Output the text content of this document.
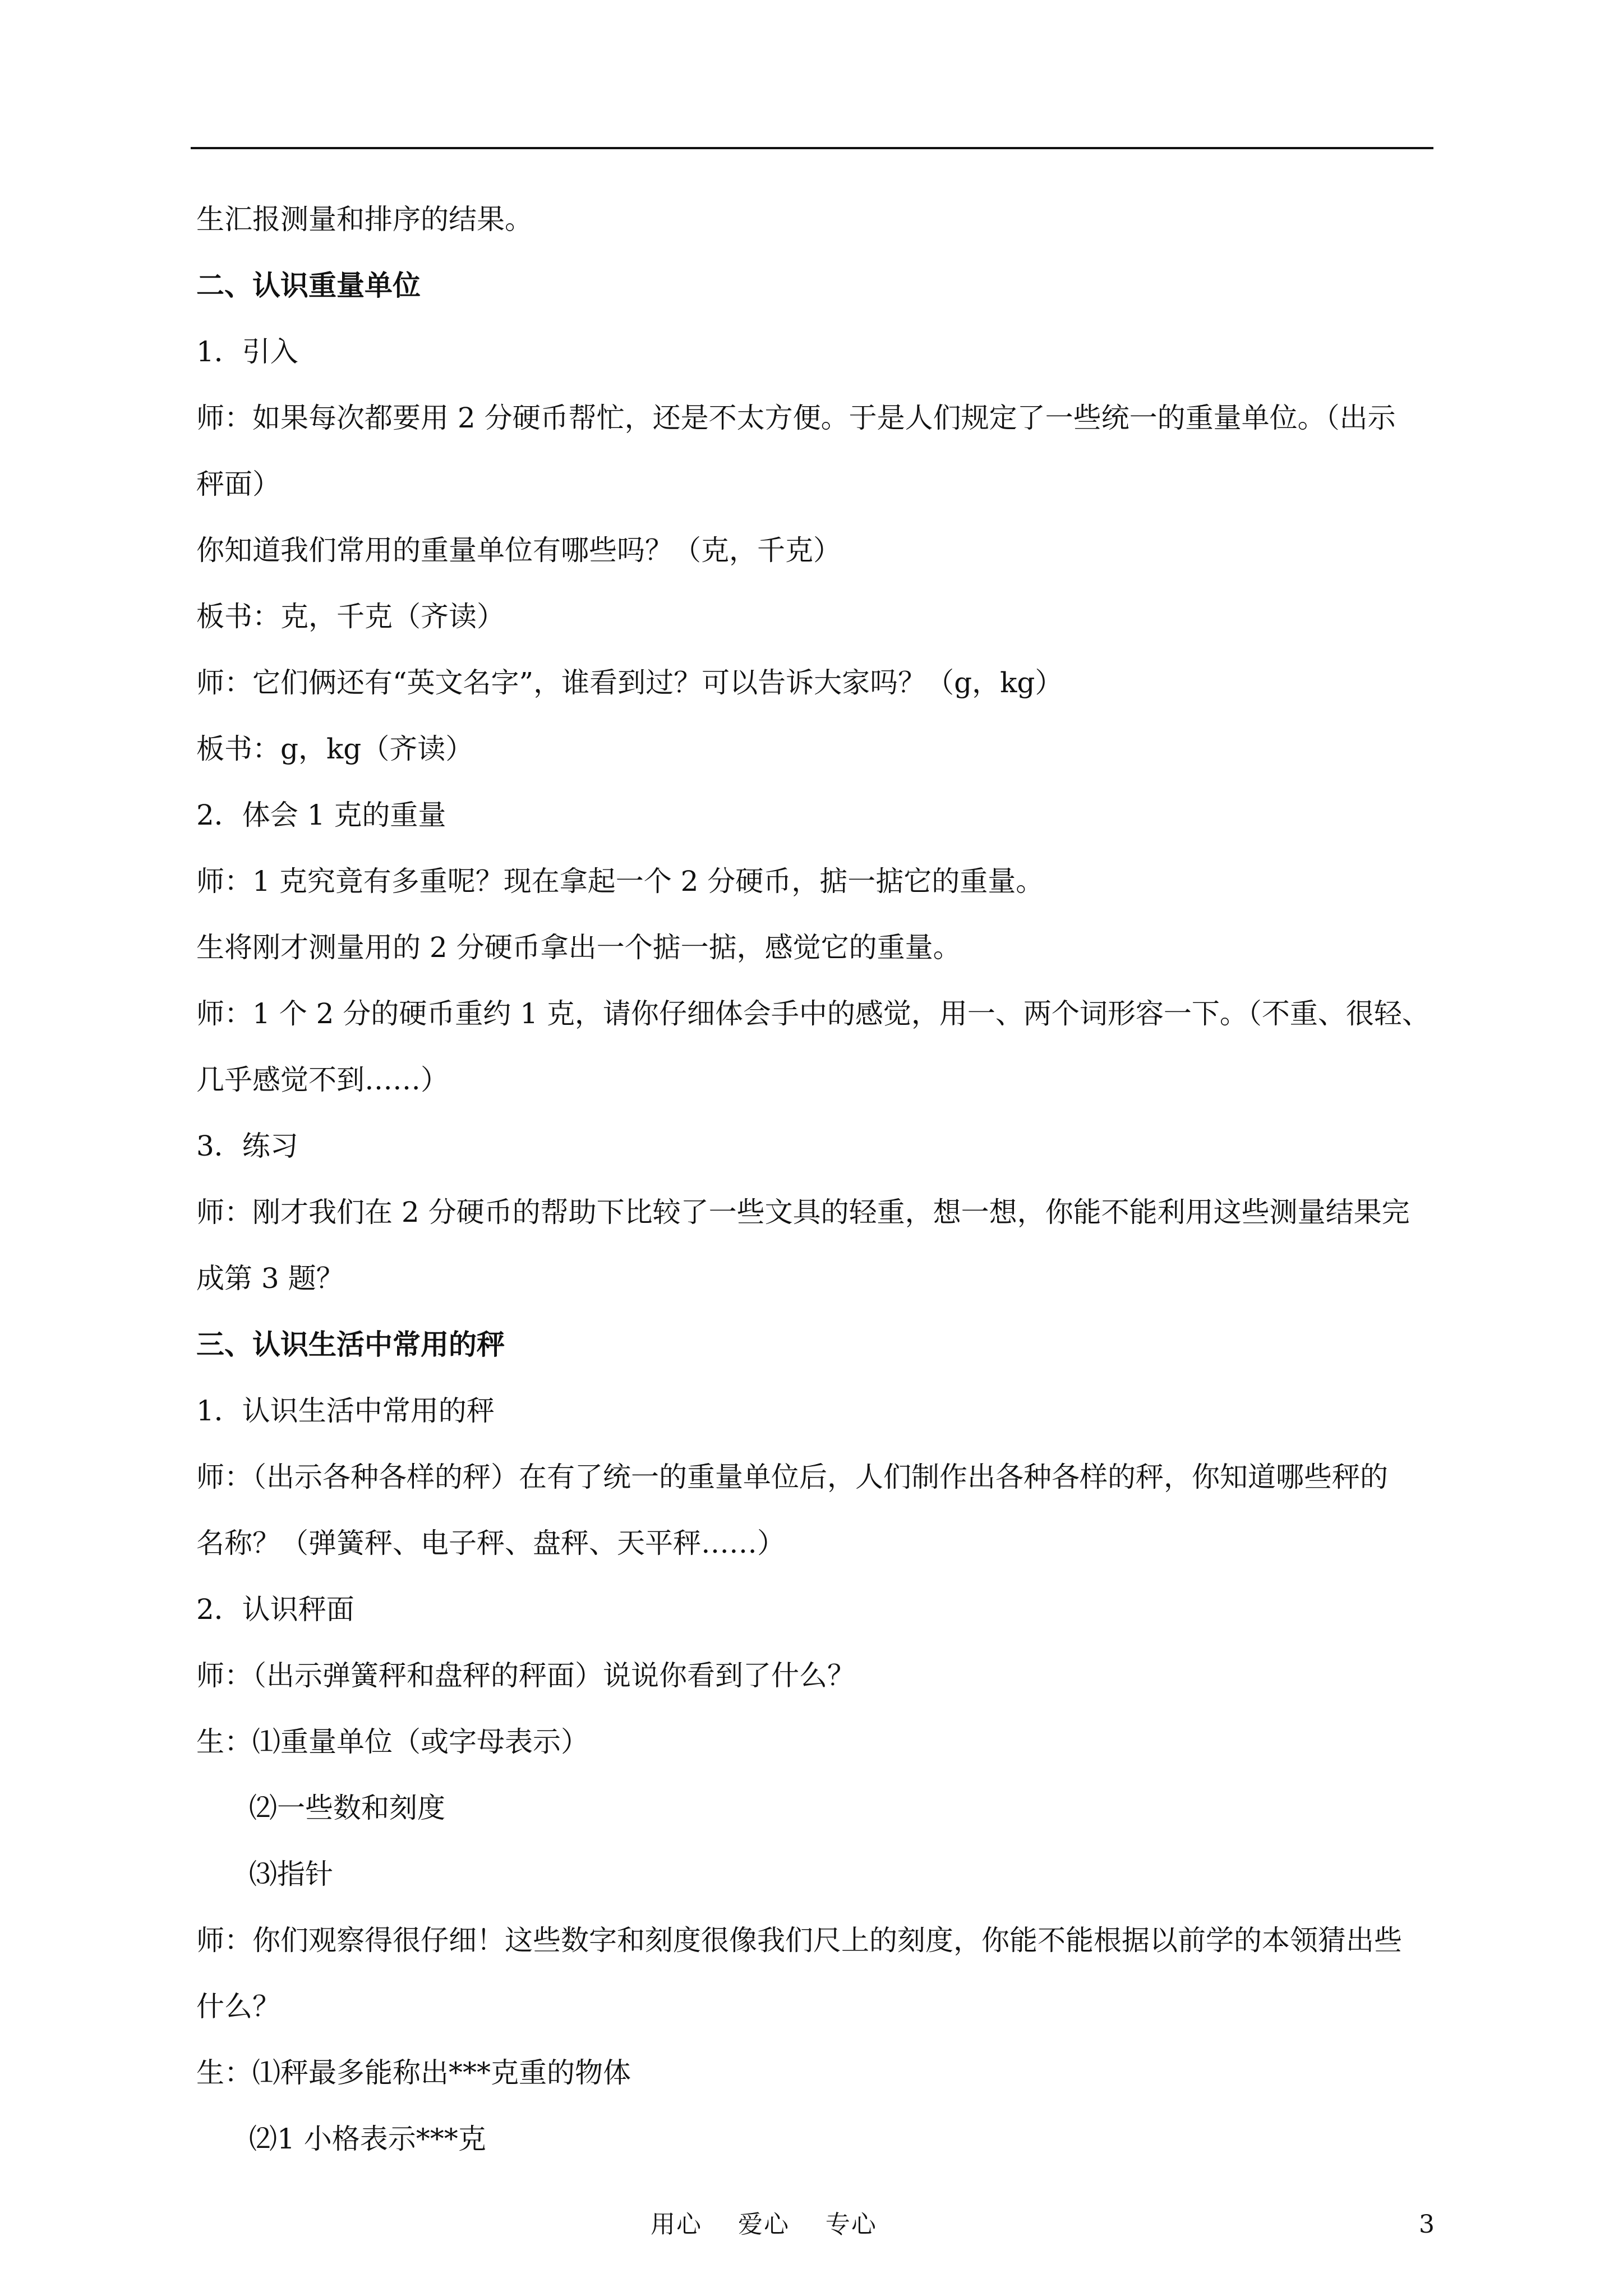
生汇报测量和排序的结果。

二、认识重量单位

1．引入

师：如果每次都要用 2 分硬币帮忙，还是不太方便。于是人们规定了一些统一的重量单位。（出示

秤面）

你知道我们常用的重量单位有哪些吗？（克，千克）

板书：克，千克（齐读）

师：它们俩还有“英文名字”，谁看到过？可以告诉大家吗？（g，kg）

板书：g，kg（齐读）

2．体会 1 克的重量

师：1 克究竟有多重呢？现在拿起一个 2 分硬币，掂一掂它的重量。

生将刚才测量用的 2 分硬币拿出一个掂一掂，感觉它的重量。

师：1 个 2 分的硬币重约 1 克，请你仔细体会手中的感觉，用一、两个词形容一下。（不重、很轻、

几乎感觉不到……）

3．练习

师：刚才我们在 2 分硬币的帮助下比较了一些文具的轻重，想一想，你能不能利用这些测量结果完

成第 3 题？

三、认识生活中常用的秤

1．认识生活中常用的秤

师：（出示各种各样的秤）在有了统一的重量单位后，人们制作出各种各样的秤，你知道哪些秤的

名称？（弹簧秤、电子秤、盘秤、天平秤……）

2．认识秤面

师：（出示弹簧秤和盘秤的秤面）说说你看到了什么？

生：⑴重量单位（或字母表示）

⑵一些数和刻度

⑶指针

师：你们观察得很仔细！这些数字和刻度很像我们尺上的刻度，你能不能根据以前学的本领猜出些

什么？

生：⑴秤最多能称出***克重的物体

⑵1 小格表示***克

用心    爱心    专心	3
